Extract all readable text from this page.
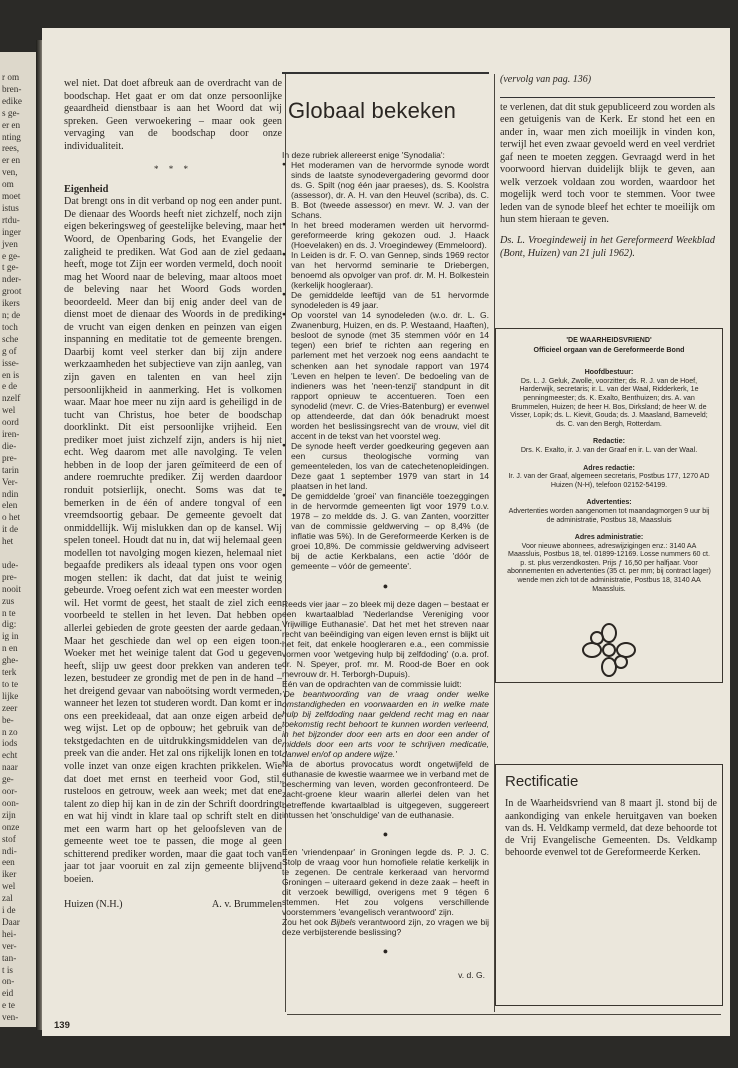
r om
bren-
edike
s ge-
er en
nting
rees,
er en
ven,
om
moet
istus
rtdu-
inger
jven
e ge-
t ge-
nder-
groot
ikers
n; de
toch
sche
g of
isse-
en is
e de
nzelf
wel
oord
iren-
die-
pre-
tarin
Ver-
ndin
elen
o het
it de
het
ude-
pre-
nooit
zus
n te
dig:
ig in
n en
ghe-
terk
to te
lijke
zeer
be-
n zo
iods
echt
naar
ge-
oor-
oon-
zijn
onze
stof
ndi-
een
iker
wel
zal
i de
Daar
hei-
ver-
tan-
t is
on-
eid
e te
ven-

wel niet. Dat doet afbreuk aan de overdracht van de boodschap. Het gaat er om dat onze persoonlijke geaardheid dienstbaar is aan het Woord dat wij spreken. Geen verwoekering – maar ook geen vervaging van de boodschap door onze individualiteit.

* * *
Eigenheid

Dat brengt ons in dit verband op nog een ander punt. De dienaar des Woords heeft niet zichzelf, noch zijn eigen bekeringsweg of geestelijke beleving, maar het Woord, de Openbaring Gods, het Evangelie der zaligheid te prediken. Wat God aan de ziel gedaan heeft, moge tot Zijn eer worden vermeld, doch nooit mag het Woord naar de beleving, maar altoos moet de beleving naar het Woord Gods worden beoordeeld. Meer dan bij enig ander deel van de dienst moet de dienaar des Woords in de prediking de vrucht van eigen denken en peinzen van eigen inspanning en meditatie tot de gemeente brengen. Daarbij komt veel sterker dan bij zijn andere werkzaamheden het subjectieve van zijn aanleg, van zijn gaven en talenten en van heel zijn persoonlijkheid in aanmerking. Het is volkomen waar. Maar hoe meer nu zijn aard is geheiligd in de tucht van Christus, hoe beter de boodschap doorklinkt. Dit eist persoonlijke vrijheid. Een prediker moet juist zichzelf zijn, anders is hij niet echt. Weg daarom met alle navolging. Te velen hebben in de loop der jaren geïmiteerd de een of andere roemruchte prediker. Zij werden daardoor ronduit potsierlijk, onecht. Soms was dat te bemerken in de één of andere tongval of een vreemdsoortig gebaar. De gemeente gevoelt dat onmiddellijk. Wij mislukken dan op de kansel. Wij spelen toneel. Houdt dat nu in, dat wij helemaal geen modellen tot navolging mogen kiezen, helemaal niet begaafde predikers als ideaal typen ons voor ogen mogen stellen: ik dacht, dat dat juist te weinig gebeurde. Vroeg oefent zich wat een meester worden wil. Het vormt de geest, het staalt de ziel zich een voorbeeld te stellen in het leven. Dat hebben op allerlei gebieden de grote geesten der aarde gedaan. Maar het geschiede dan wel op een eigen toon. Woeker met het weinige talent dat God u gegeven heeft, slijp uw geest door prekken van anderen te lezen, bestudeer ze grondig met de pen in de hand – het dreigend gevaar van naboötsing wordt vermeden, wanneer het lezen tot studeren wordt. Dan komt er in ons een preekideaal, dat aan onze eigen arbeid de weg wijst. Let op de opbouw; het gebruik van de tekstgedachten en de uitdrukkingsmiddelen van de preek van die ander. Het zal ons rijkelijk lonen en tot volle inzet van onze eigen krachten prikkelen. Wie dat doet met ernst en teerheid voor God, stil, rusteloos en getrouw, week aan week; met dat ene talent zo diep hij kan in de zin der Schrift doordringt en wat hij vindt in klare taal op schrift stelt en dit met een warm hart op het geloofsleven van de gemeente weet toe te passen, die moge al geen schitterend prediker worden, maar die gaat toch van jaar tot jaar vooruit en zal zijn gemeente blijvend boeien.

Huizen (N.H.)	A. v. Brummelen
Globaal bekeken

In deze rubriek allereerst enige 'Synodalia':

● Het moderamen van de hervormde synode wordt sinds de laatste synodevergadering gevormd door ds. G. Spilt (nog één jaar praeses), ds. S. Koolstra (assessor), dr. A. H. van den Heuvel (scriba), ds. C. B. Bot (tweede assessor) en mevr. W. J. van der Schans.
● In het breed moderamen werden uit hervormd-gereformeerde kring gekozen oud. J. Haack (Hoevelaken) en ds. J. Vroegindewey (Emmeloord).
● In Leiden is dr. F. O. van Gennep, sinds 1969 rector van het hervormd seminarie te Driebergen, benoemd als opvolger van prof. dr. M. H. Bolkestein (kerkelijk hoogleraar).
● De gemiddelde leeftijd van de 51 hervormde synodeleden is 49 jaar.
● Op voorstel van 14 synodeleden (w.o. dr. L. G. Zwanenburg, Huizen, en ds. P. Westaand, Haaften), besloot de synode (met 35 stemmen vóór en 14 tegen) een brief te richten aan regering en parlement met het verzoek nog eens aandacht te schenken aan het synodale rapport van 1974 'Leven en helpen te leven'. De bedoeling van de indieners was het 'neen-tenzij' standpunt in dit rapport opnieuw te accentueren. Toen een synodelid (mevr. C. de Vries-Batenburg) er evenwel op attendeerde, dat dan óók benadrukt moest worden het beslissingsrecht van de vrouw, viel dit accent in de tekst van het voorstel weg.
● De synode heeft verder goedkeuring gegeven aan een cursus theologische vorming van gemeenteleden, los van de catechetenopleidingen. Deze gaat 1 september 1979 van start in 14 plaatsen in het land.
● De gemiddelde 'groei' van financiële toezeggingen in de hervormde gemeenten ligt voor 1979 t.o.v. 1978 – zo meldde ds. J. G. van Zanten, voorzitter van de commissie geldwerving – op 8,4% (de inflatie was 5%). In de Gereformeerde Kerken is de groei 10,8%. De commissie geldwerving adviseert bij de actie Kerkbalans, een actie 'dóór de gemeente – vóór de gemeente'.
●

Reeds vier jaar – zo bleek mij deze dagen – bestaat er een kwartaalblad 'Nederlandse Vereniging voor Vrijwillige Euthanasie'. Dat het met het streven naar recht van beëindiging van eigen leven ernst is blijkt uit het feit, dat enkele hoogleraren e.a., een commissie vormen voor 'wetgeving hulp bij zelfdoding' (o.a. prof. dr. N. Speyer, prof. mr. M. Rood-de Boer en ook mevrouw dr. H. Terborgh-Dupuis).

Eén van de opdrachten van de commissie luidt:

'De beantwoording van de vraag onder welke omstandigheden en voorwaarden en in welke mate hulp bij zelfdoding naar geldend recht mag en naar toekomstig recht behoort te kunnen worden verleend, in het bijzonder door een arts en door een ander of middels door een arts voor te schrijven medicatie, danwel en/of op andere wijze.'

Na de abortus provocatus wordt ongetwijfeld de euthanasie de kwestie waarmee we in verband met de bescherming van leven, worden geconfronteerd. De zacht-groene kleur waarin allerlei delen van het betreffende kwartaalblad is uitgegeven, suggereert intussen het 'onschuldige' van de euthanasie.

●

Een 'vriendenpaar' in Groningen legde ds. P. J. C. Stolp de vraag voor hun homofiele relatie kerkelijk in te zegenen. De centrale kerkeraad van hervormd Groningen – uiteraard gekend in deze zaak – heeft in dit verzoek bewilligd, overigens met 9 tégen 6 stemmen. Het zou volgens verschillende voorstemmers 'evangelisch verantwoord' zijn.

Zou het ook Bijbels verantwoord zijn, zo vragen we bij deze verbijsterende beslissing?

●
v. d. G.
(vervolg van pag. 136)

te verlenen, dat dit stuk gepubliceerd zou worden als een getuigenis van de Kerk. Er stond het een en ander in, waar men zich moeilijk in vinden kon, terwijl het even zwaar gevoeld werd en veel verdriet gaf neen te moeten zeggen. Gevraagd werd in het voorwoord hiervan duidelijk blijk te geven, aan welk verzoek voldaan zou worden, waardoor het mogelijk werd toch voor te stemmen. Voor twee leden van de synode bleef het echter te moeilijk om hun stem hieraan te geven.

Ds. L. Vroegindeweij in het Gereformeerd Weekblad (Bont, Huizen) van 21 juli 1962).

'DE WAARHEIDSVRIEND'
Officieel orgaan van de Gereformeerde Bond
Hoofdbestuur:
Ds. L. J. Geluk, Zwolle, voorzitter; ds. R. J. van de Hoef, Harderwijk, secretaris; ir. L. van der Waal, Ridderkerk, 1e penningmeester; ds. K. Exalto, Benthuizen; drs. A. van Brummelen, Huizen; de heer H. Bos, Dirksland; de heer W. de Visser, Lopik; ds. L. Kievit, Gouda; ds. J. Maasland, Barneveld; ds. C. van den Bergh, Rotterdam.
Redactie:
Drs. K. Exalto, ir. J. van der Graaf en ir. L. van der Waal.
Adres redactie:
Ir. J. van der Graaf, algemeen secretaris, Postbus 177, 1270 AD Huizen (N-H), telefoon 02152-54199.
Advertenties:
Advertenties worden aangenomen tot maandagmorgen 9 uur bij de administratie, Postbus 18, Maassluis
Adres administratie:
Voor nieuwe abonnees, adreswijzigingen enz.: 3140 AA Maassluis, Postbus 18, tel. 01899-12169. Losse nummers 60 ct. p. st. plus verzendkosten. Prijs ƒ 16,50 per halfjaar. Voor abonnementen en advertenties (35 ct. per mm; bij contract lager) wende men zich tot de administratie, Postbus 18, 3140 AA Maassluis.
Rectificatie

In de Waarheidsvriend van 8 maart jl. stond bij de aankondiging van enkele heruitgaven van boeken van ds. H. Veldkamp vermeld, dat deze behoorde tot de Vrij Evangelische Gemeenten. Ds. Veldkamp behoorde evenwel tot de Gereformeerde Kerken.

139
